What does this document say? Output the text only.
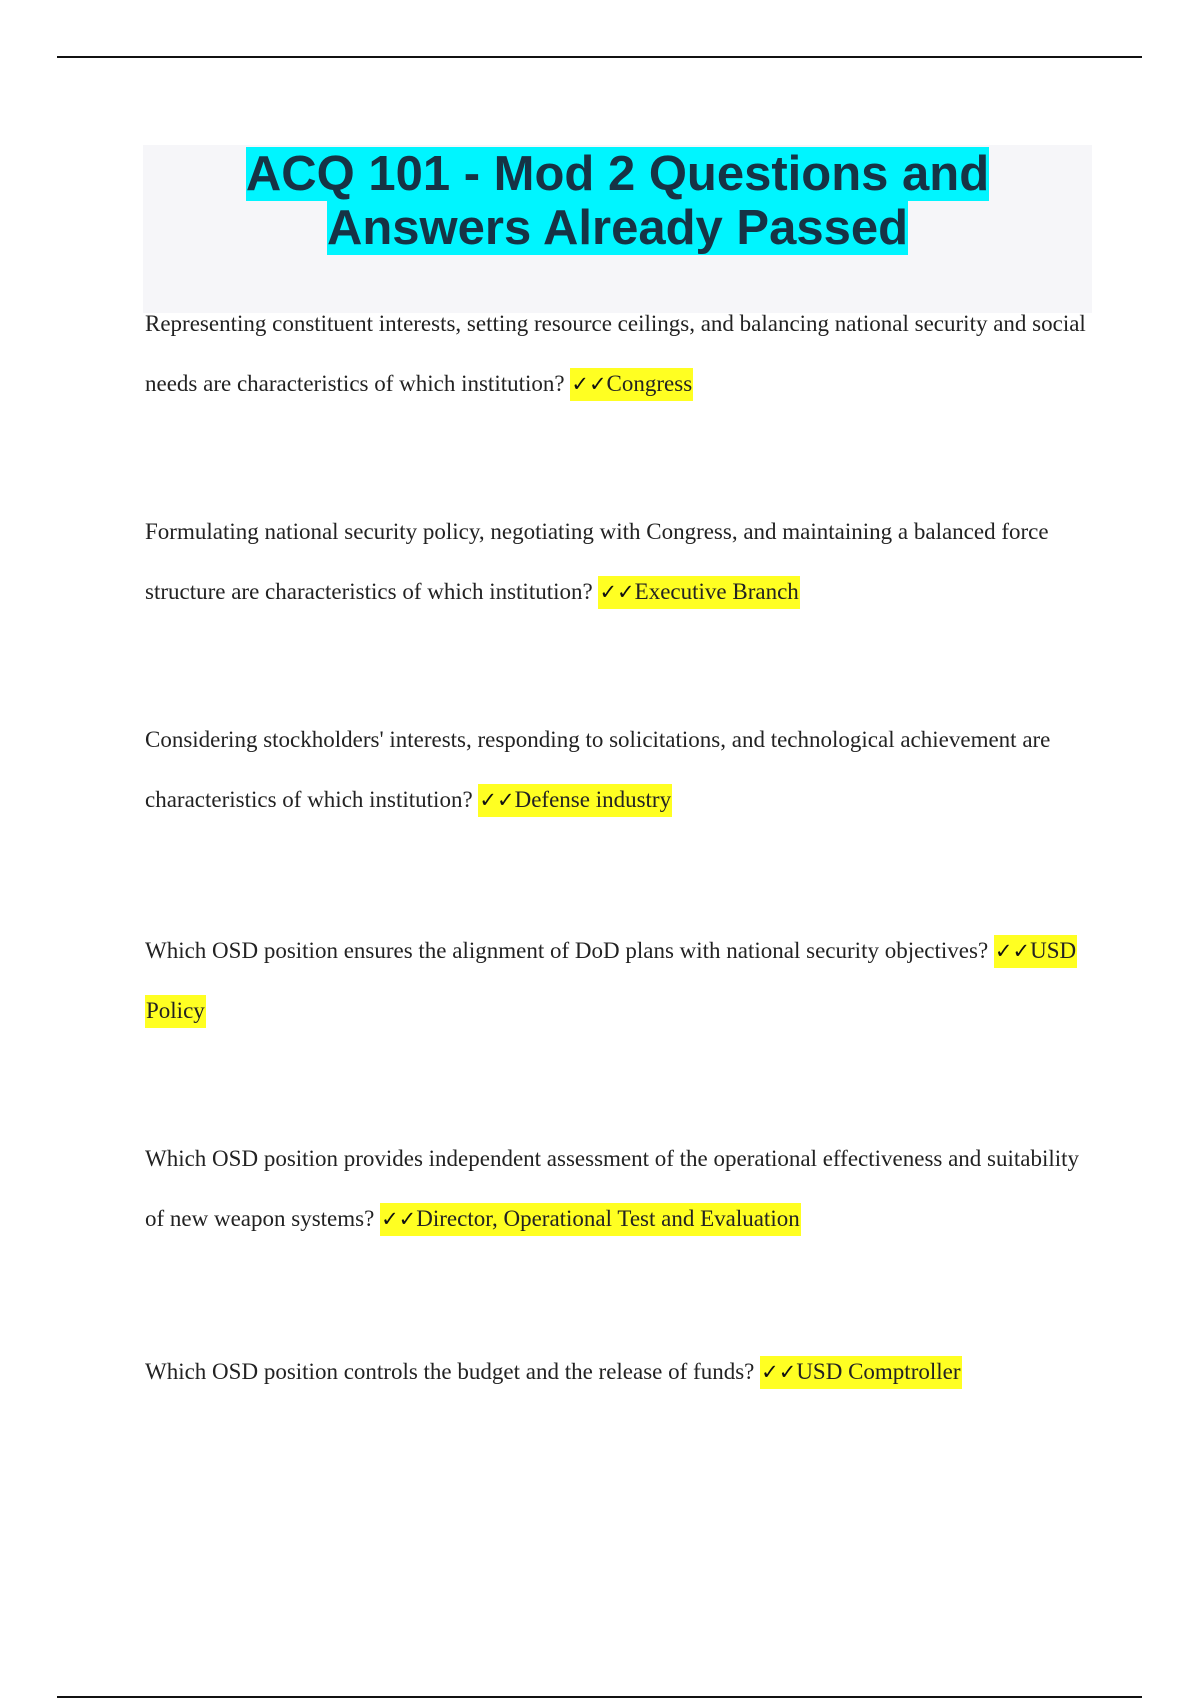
ACQ 101 - Mod 2 Questions and Answers Already Passed

Representing constituent interests, setting resource ceilings, and balancing national security and social needs are characteristics of which institution? ✓✓Congress

Formulating national security policy, negotiating with Congress, and maintaining a balanced force structure are characteristics of which institution? ✓✓Executive Branch

Considering stockholders' interests, responding to solicitations, and technological achievement are characteristics of which institution? ✓✓Defense industry

Which OSD position ensures the alignment of DoD plans with national security objectives? ✓✓USD Policy

Which OSD position provides independent assessment of the operational effectiveness and suitability of new weapon systems? ✓✓Director, Operational Test and Evaluation

Which OSD position controls the budget and the release of funds? ✓✓USD Comptroller
